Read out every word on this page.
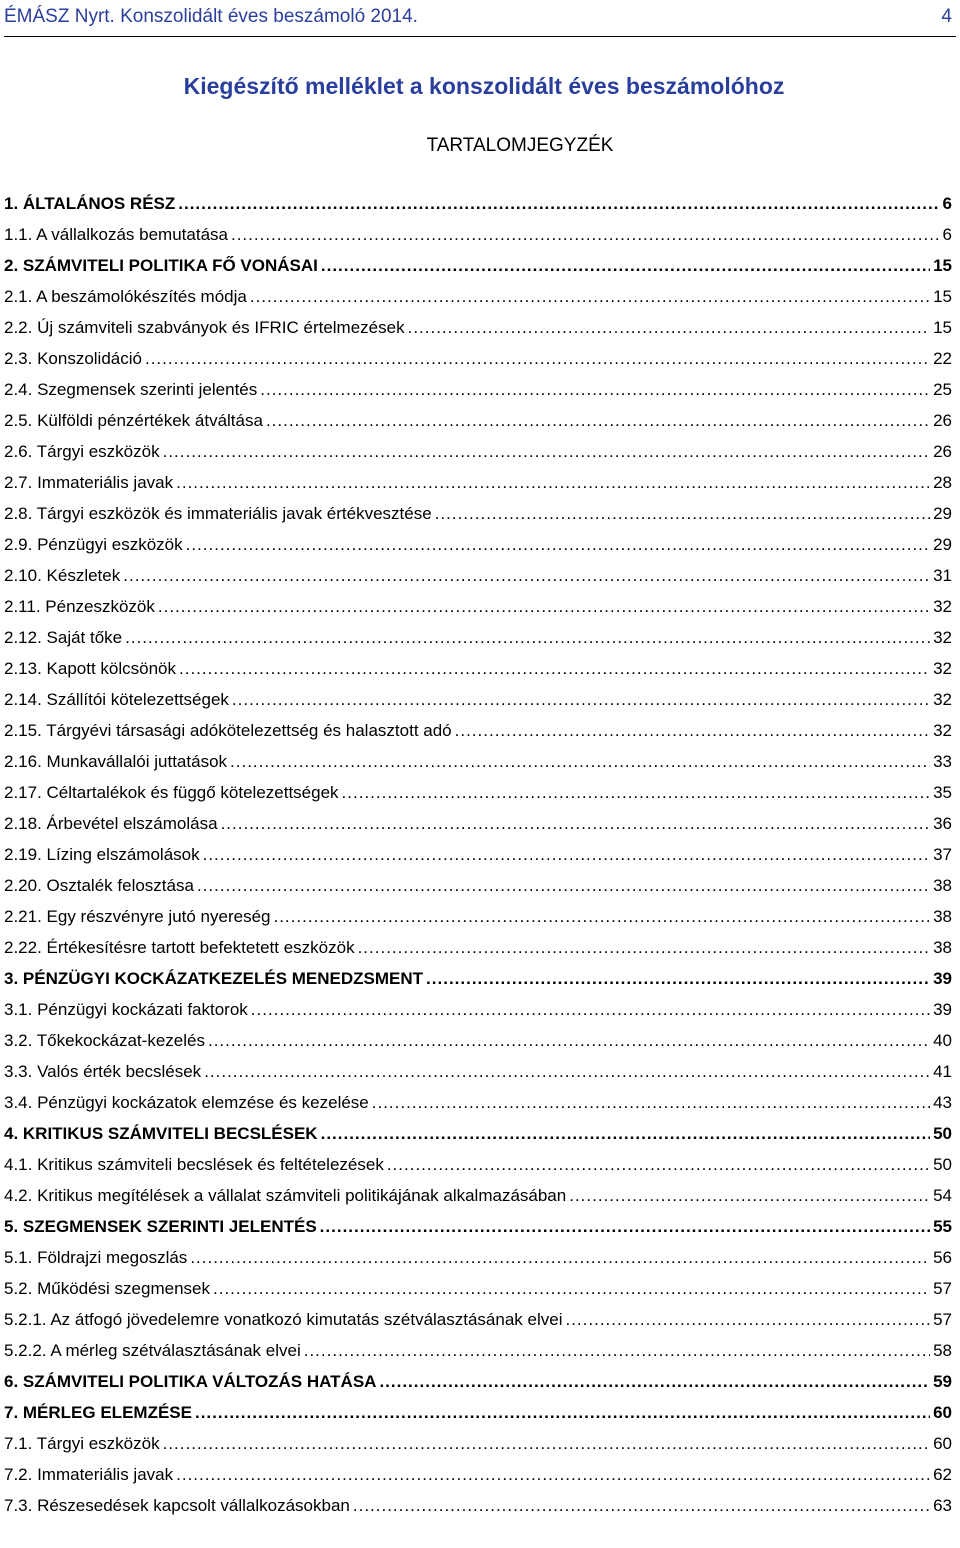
ÉMÁSZ Nyrt. Konszolidált éves beszámoló 2014.	4
Kiegészítő melléklet a konszolidált éves beszámolóhoz
TARTALOMJEGYZÉK
1. ÁLTALÁNOS RÉSZ .....	6
1.1. A vállalkozás bemutatása .....	6
2. SZÁMVITELI POLITIKA FŐ VONÁSAI .....	15
2.1. A beszámolókészítés módja .....	15
2.2. Új számviteli szabványok és IFRIC értelmezések .....	15
2.3. Konszolidáció .....	22
2.4. Szegmensek szerinti jelentés .....	25
2.5. Külföldi pénzértékek átváltása .....	26
2.6. Tárgyi eszközök .....	26
2.7. Immateriális javak .....	28
2.8. Tárgyi eszközök és immateriális javak értékvesztése .....	29
2.9. Pénzügyi eszközök .....	29
2.10. Készletek .....	31
2.11. Pénzeszközök .....	32
2.12. Saját tőke .....	32
2.13. Kapott kölcsönök .....	32
2.14. Szállítói kötelezettségek .....	32
2.15. Tárgyévi társasági adókötelezettség és halasztott adó .....	32
2.16. Munkavállalói juttatások .....	33
2.17. Céltartalékok és függő kötelezettségek .....	35
2.18. Árbevétel elszámolása .....	36
2.19. Lízing elszámolások .....	37
2.20. Osztalék felosztása .....	38
2.21. Egy részvényre jutó nyereség .....	38
2.22. Értékesítésre tartott befektetett eszközök .....	38
3. PÉNZÜGYI KOCKÁZATKEZELÉS MENEDZSMENT .....	39
3.1. Pénzügyi kockázati faktorok .....	39
3.2. Tőkekockázat-kezelés .....	40
3.3. Valós érték becslések .....	41
3.4. Pénzügyi kockázatok elemzése és kezelése .....	43
4. KRITIKUS SZÁMVITELI BECSLÉSEK .....	50
4.1. Kritikus számviteli becslések és feltételezések .....	50
4.2. Kritikus megítélések a vállalat számviteli politikájának alkalmazásában .....	54
5. SZEGMENSEK SZERINTI JELENTÉS .....	55
5.1. Földrajzi megoszlás .....	56
5.2. Működési szegmensek .....	57
5.2.1. Az átfogó jövedelemre vonatkozó kimutatás szétválasztásának elvei .....	57
5.2.2. A mérleg szétválasztásának elvei .....	58
6. SZÁMVITELI POLITIKA VÁLTOZÁS HATÁSA .....	59
7. MÉRLEG ELEMZÉSE .....	60
7.1. Tárgyi eszközök .....	60
7.2. Immateriális javak .....	62
7.3. Részesedések kapcsolt vállalkozásokban .....	63
